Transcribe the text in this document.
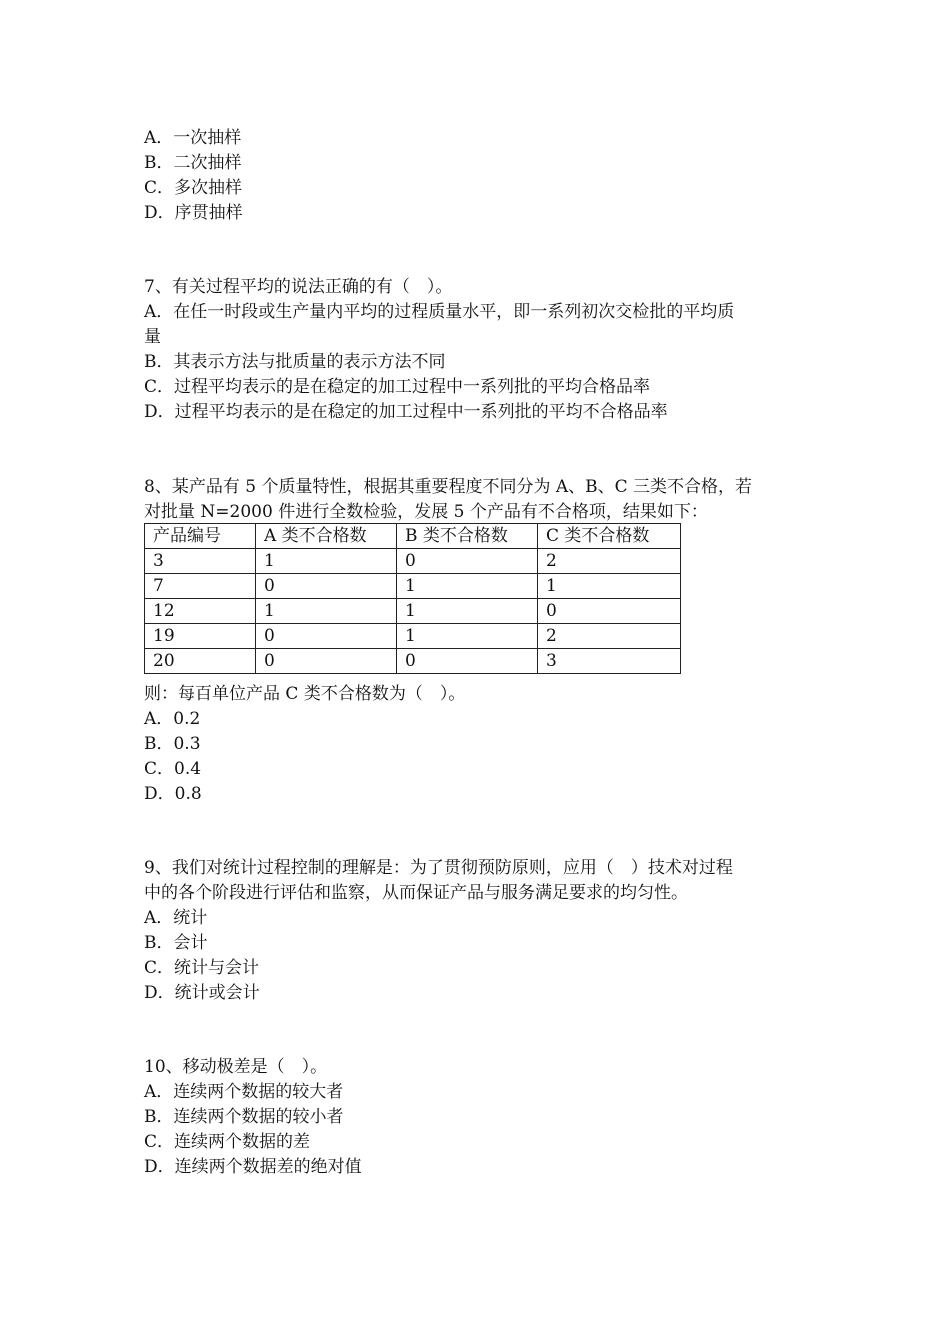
A．一次抽样
B．二次抽样
C．多次抽样
D．序贯抽样
7、有关过程平均的说法正确的有（　）。
A．在任一时段或生产量内平均的过程质量水平，即一系列初次交检批的平均质
量
B．其表示方法与批质量的表示方法不同
C．过程平均表示的是在稳定的加工过程中一系列批的平均合格品率
D．过程平均表示的是在稳定的加工过程中一系列批的平均不合格品率
8、某产品有 5 个质量特性，根据其重要程度不同分为 A、B、C 三类不合格，若
对批量 N=2000 件进行全数检验，发展 5 个产品有不合格项，结果如下：
产品编号	A 类不合格数	B 类不合格数	C 类不合格数
3	1	0	2
7	0	1	1
12	1	1	0
19	0	1	2
20	0	0	3
则：每百单位产品 C 类不合格数为（　）。
A．0.2
B．0.3
C．0.4
D．0.8
9、我们对统计过程控制的理解是：为了贯彻预防原则，应用（　）技术对过程
中的各个阶段进行评估和监察，从而保证产品与服务满足要求的均匀性。
A．统计
B．会计
C．统计与会计
D．统计或会计
10、移动极差是（　）。
A．连续两个数据的较大者
B．连续两个数据的较小者
C．连续两个数据的差
D．连续两个数据差的绝对值
